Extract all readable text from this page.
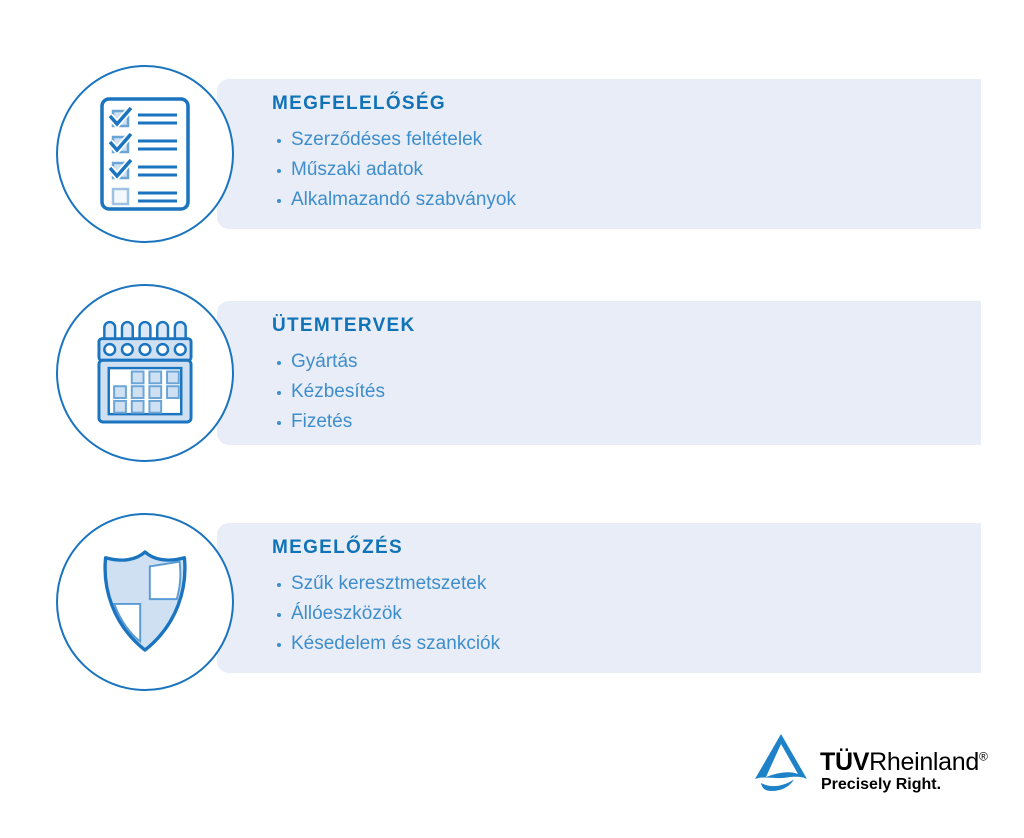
MEGFELELŐSÉG
Szerződéses feltételek
Műszaki adatok
Alkalmazandó szabványok
ÜTEMTERVEK
Gyártás
Kézbesítés
Fizetés
MEGELŐZÉS
Szűk keresztmetszetek
Állóeszközök
Késedelem és szankciók
TÜVRheinland®
Precisely Right.
